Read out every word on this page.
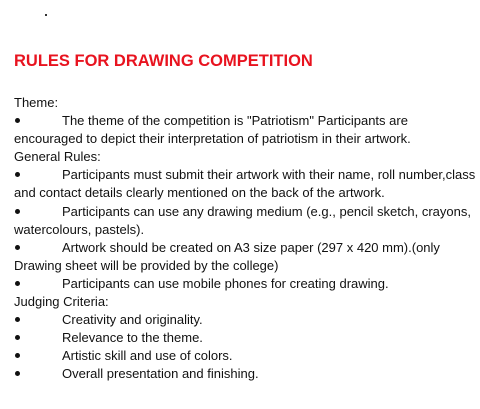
RULES FOR DRAWING COMPETITION

Theme:

The theme of the competition is "Patriotism" Participants are encouraged to depict their interpretation of patriotism in their artwork.

General Rules:

Participants must submit their artwork with their name, roll number,class and contact details clearly mentioned on the back of the artwork.
Participants can use any drawing medium (e.g., pencil sketch, crayons, watercolours, pastels).
Artwork should be created on A3 size paper (297 x 420 mm).(only Drawing sheet will be provided by the college)
Participants can use mobile phones for creating drawing.

Judging Criteria:

Creativity and originality.
Relevance to the theme.
Artistic skill and use of colors.
Overall presentation and finishing.
